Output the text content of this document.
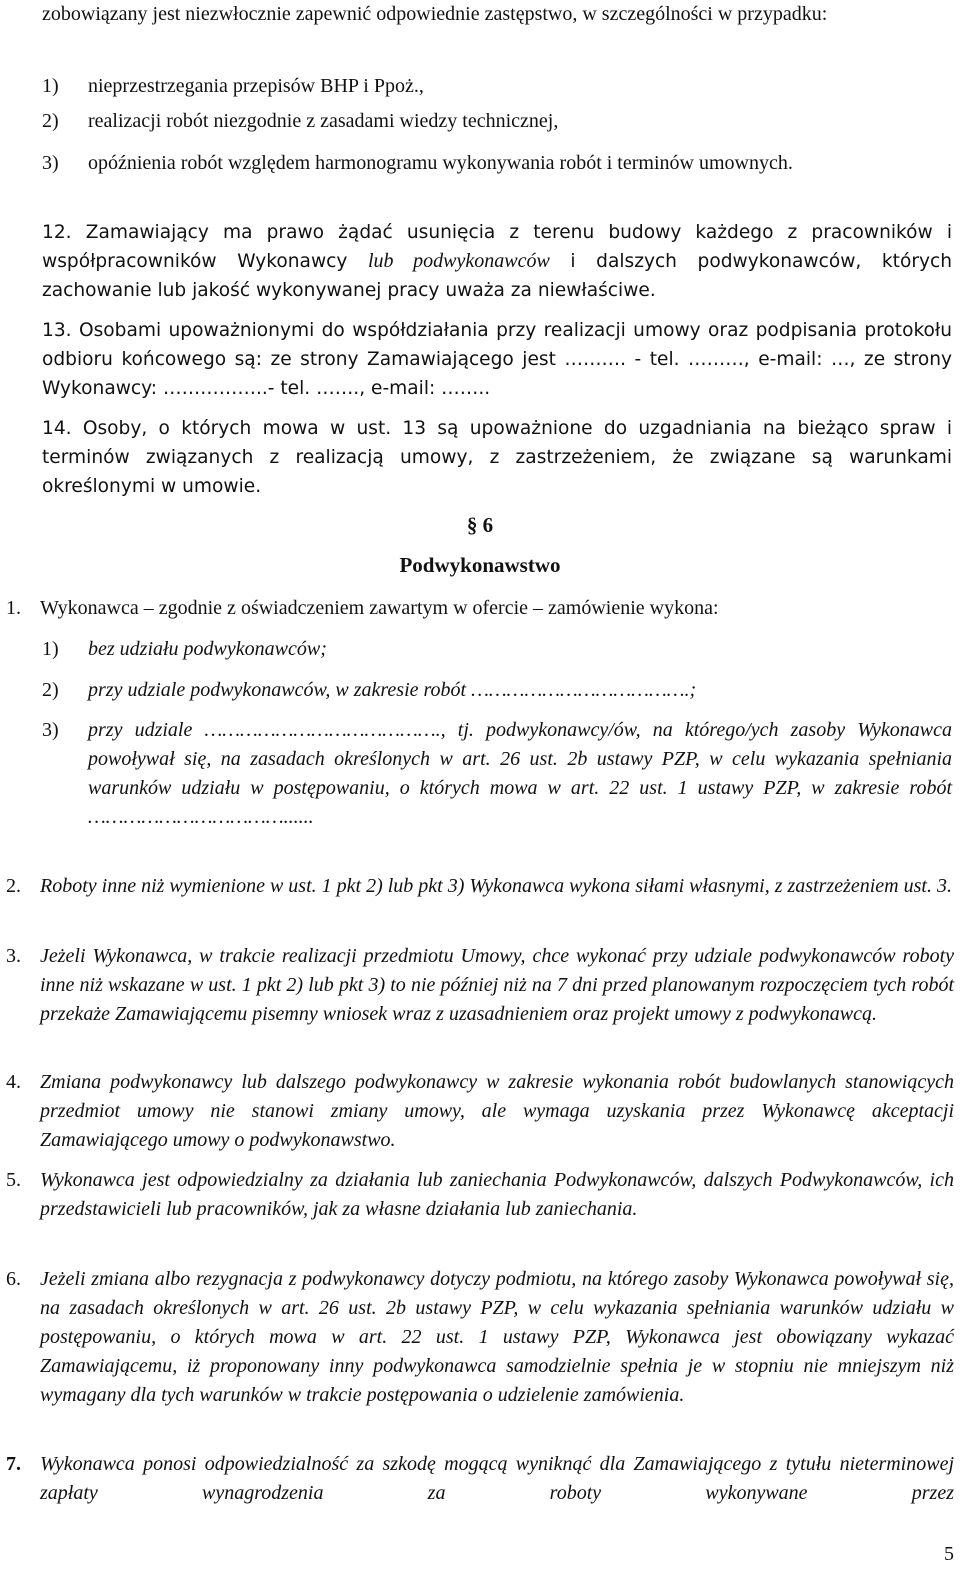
zobowiązany jest niezwłocznie zapewnić odpowiednie zastępstwo, w szczególności w przypadku:

1) nieprzestrzegania przepisów BHP i Ppoż.,
2) realizacji robót niezgodnie z zasadami wiedzy technicznej,
3) opóźnienia robót względem harmonogramu wykonywania robót i terminów umownych.

12. Zamawiający ma prawo żądać usunięcia z terenu budowy każdego z pracowników i współpracowników Wykonawcy lub podwykonawców i dalszych podwykonawców, których zachowanie lub jakość wykonywanej pracy uważa za niewłaściwe.

13. Osobami upoważnionymi do współdziałania przy realizacji umowy oraz podpisania protokołu odbioru końcowego są: ze strony Zamawiającego jest ………. - tel. ………, e-mail: …, ze strony Wykonawcy: ……………..- tel. ……., e-mail: ……..

14. Osoby, o których mowa w ust. 13 są upoważnione do uzgadniania na bieżąco spraw i terminów związanych z realizacją umowy, z zastrzeżeniem, że związane są warunkami określonymi w umowie.

§ 6
Podwykonawstwo
1. Wykonawca – zgodnie z oświadczeniem zawartym w ofercie – zamówienie wykona:
1) bez udziału podwykonawców;
2) przy udziale podwykonawców, w zakresie robót ……………………………….;
3) przy udziale …………………………………., tj. podwykonawcy/ów, na którego/ych zasoby Wykonawca powoływał się, na zasadach określonych w art. 26 ust. 2b ustawy PZP, w celu wykazania spełniania warunków udziału w postępowaniu, o których mowa w art. 22 ust. 1 ustawy PZP, w zakresie robót ……………………………......
2. Roboty inne niż wymienione w ust. 1 pkt 2) lub pkt 3) Wykonawca wykona siłami własnymi, z zastrzeżeniem ust. 3.
3. Jeżeli Wykonawca, w trakcie realizacji przedmiotu Umowy, chce wykonać przy udziale podwykonawców roboty inne niż wskazane w ust. 1 pkt 2) lub pkt 3) to nie później niż na 7 dni przed planowanym rozpoczęciem tych robót przekaże Zamawiającemu pisemny wniosek wraz z uzasadnieniem oraz projekt umowy z podwykonawcą.
4. Zmiana podwykonawcy lub dalszego podwykonawcy w zakresie wykonania robót budowlanych stanowiących przedmiot umowy nie stanowi zmiany umowy, ale wymaga uzyskania przez Wykonawcę akceptacji Zamawiającego umowy o podwykonawstwo.
5. Wykonawca jest odpowiedzialny za działania lub zaniechania Podwykonawców, dalszych Podwykonawców, ich przedstawicieli lub pracowników, jak za własne działania lub zaniechania.
6. Jeżeli zmiana albo rezygnacja z podwykonawcy dotyczy podmiotu, na którego zasoby Wykonawca powoływał się, na zasadach określonych w art. 26 ust. 2b ustawy PZP, w celu wykazania spełniania warunków udziału w postępowaniu, o których mowa w art. 22 ust. 1 ustawy PZP, Wykonawca jest obowiązany wykazać Zamawiającemu, iż proponowany inny podwykonawca samodzielnie spełnia je w stopniu nie mniejszym niż wymagany dla tych warunków w trakcie postępowania o udzielenie zamówienia.
7. Wykonawca ponosi odpowiedzialność za szkodę mogącą wyniknąć dla Zamawiającego z tytułu nieterminowej zapłaty wynagrodzenia za roboty wykonywane przez
5
